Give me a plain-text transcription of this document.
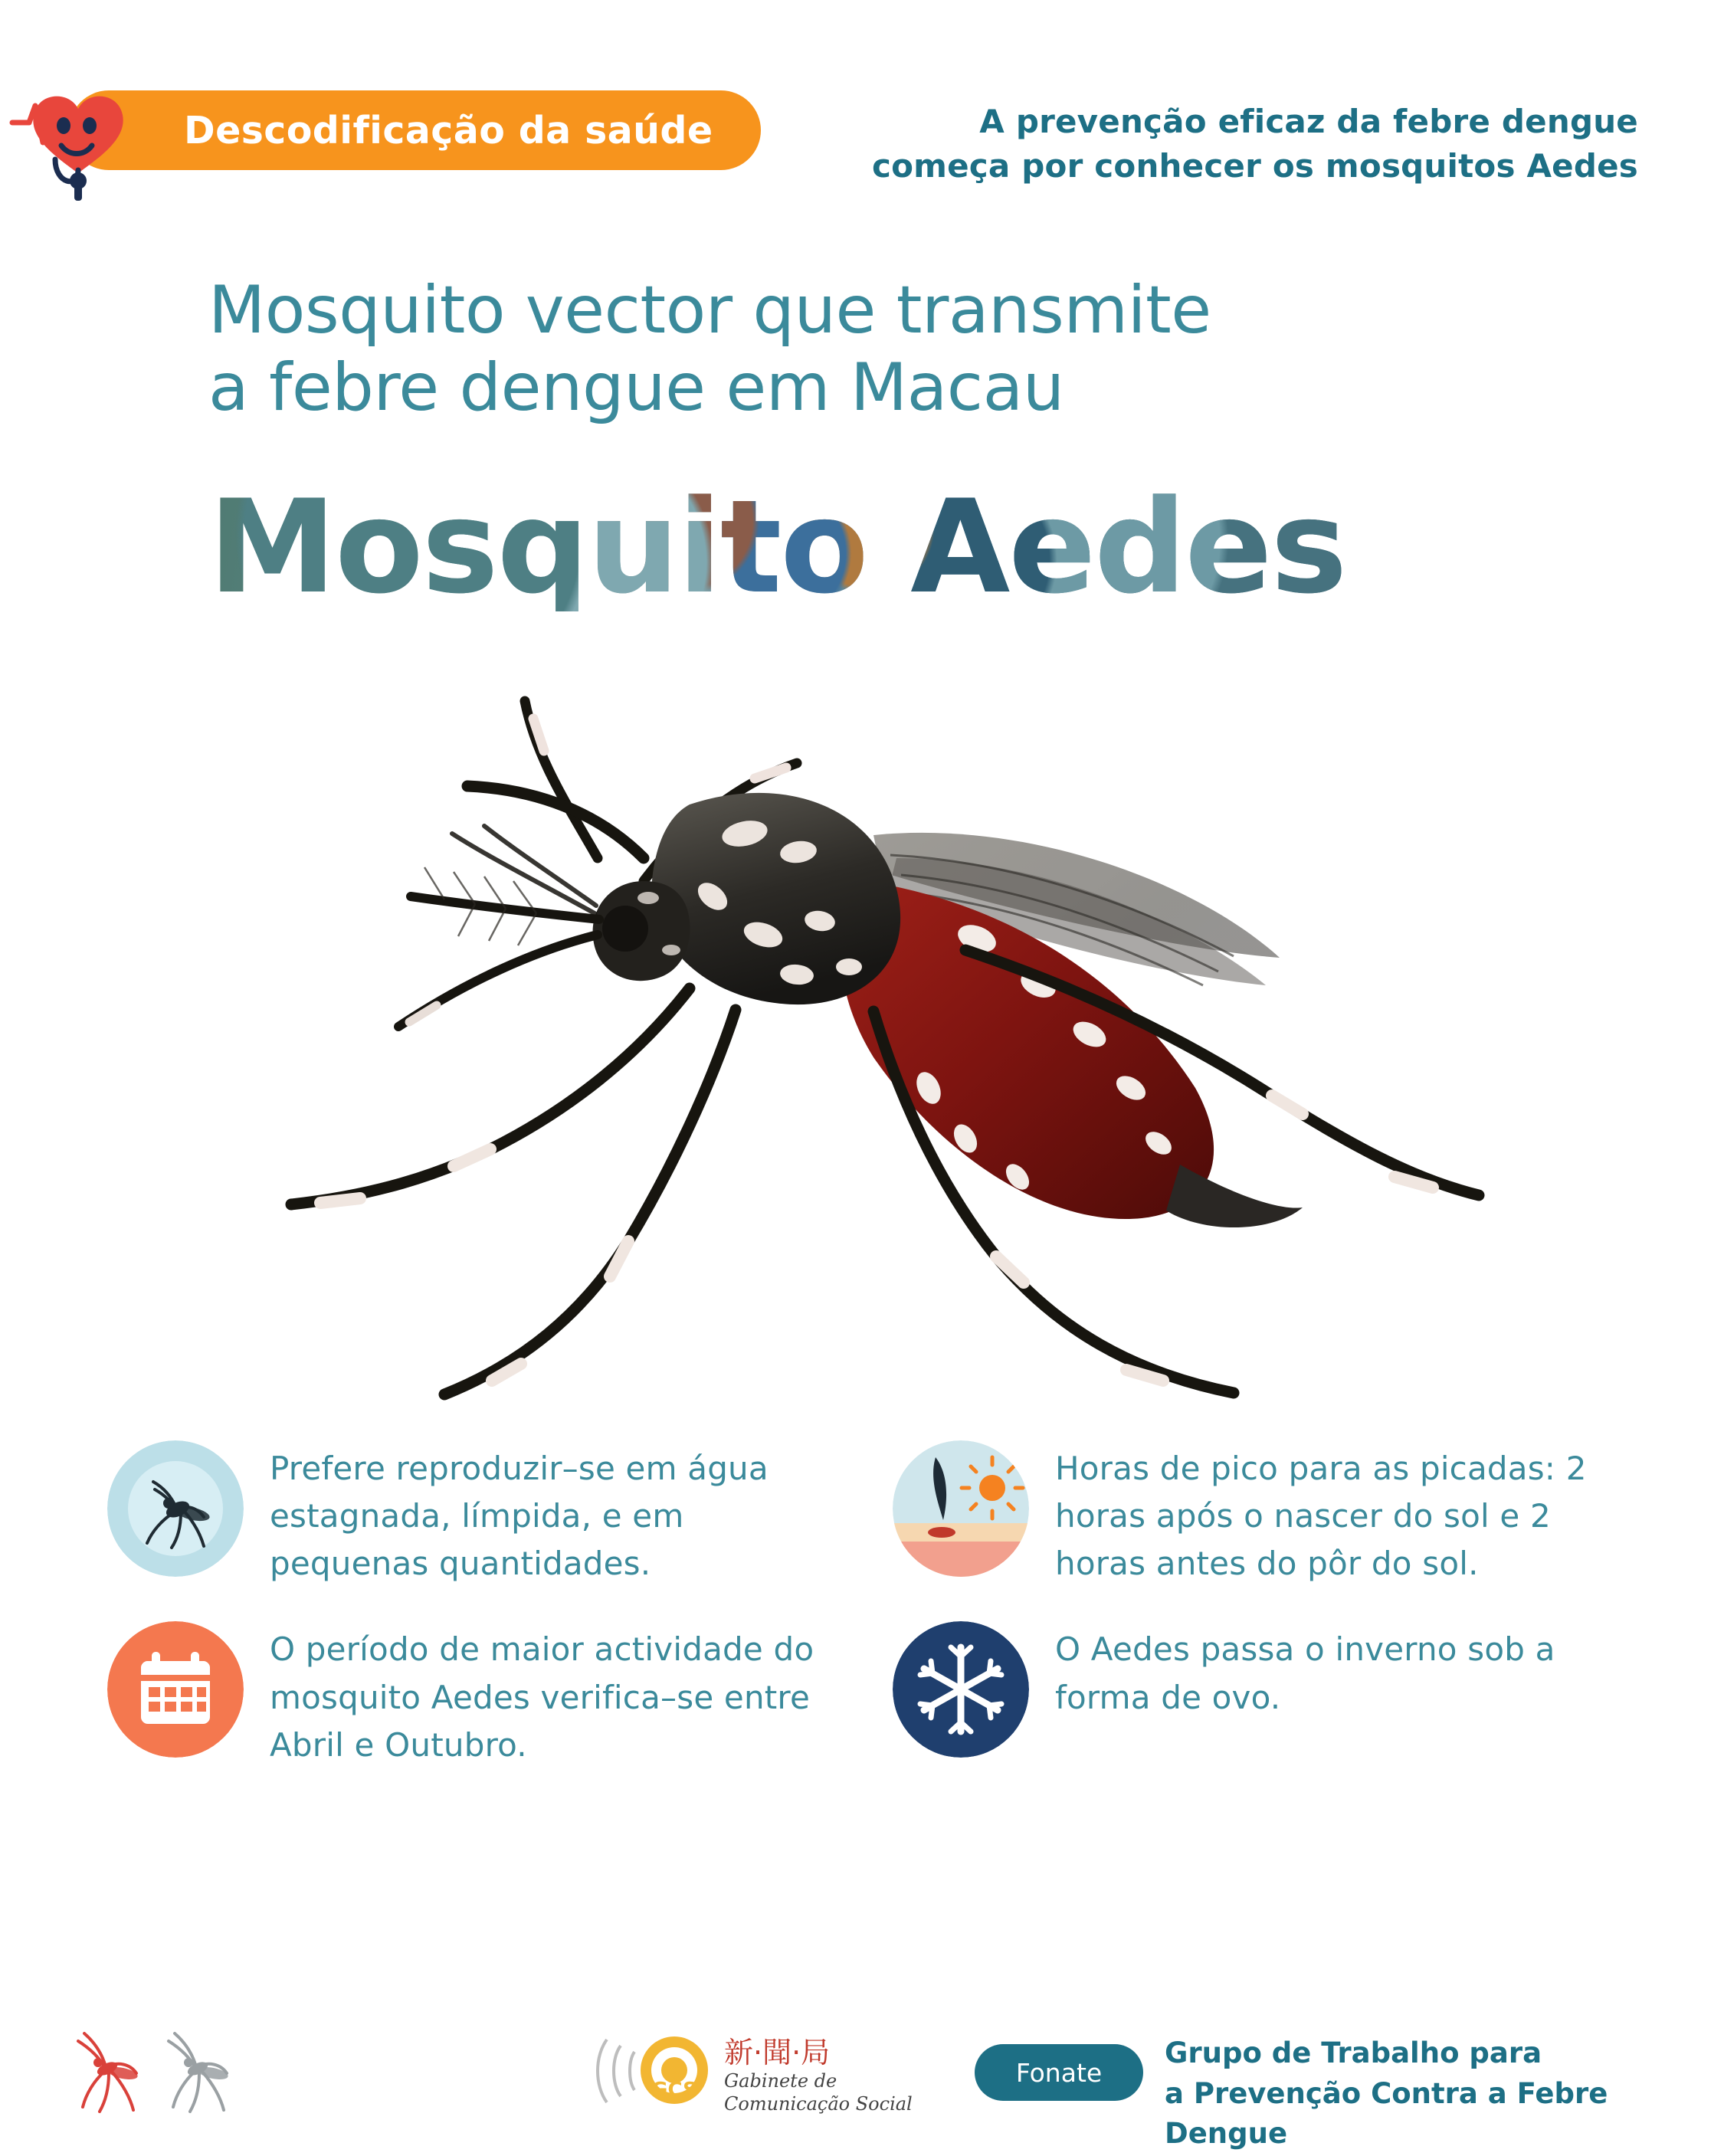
Descodificação da saúde	A prevenção eficaz da febre dengue
começa por conhecer os mosquitos Aedes
Mosquito vector que transmite
a febre dengue em Macau
Mosquito Aedes
Prefere reproduzir–se em água estagnada, límpida, e em pequenas quantidades.
Horas de pico para as picadas: 2 horas após o nascer do sol e 2 horas antes do pôr do sol.
O período de maior actividade do mosquito Aedes verifica–se entre Abril e Outubro.
O Aedes passa o inverno sob a forma de ovo.
GCS
新·聞·局
Gabinete de
Comunicação Social
Fonate
Grupo de Trabalho para
a Prevenção Contra a Febre Dengue
